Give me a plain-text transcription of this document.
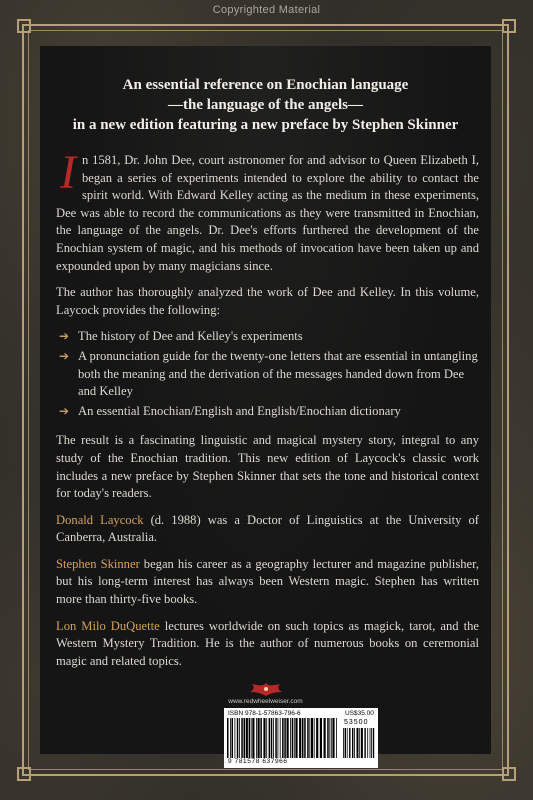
Copyrighted Material
An essential reference on Enochian language
—the language of the angels—
in a new edition featuring a new preface by Stephen Skinner

In 1581, Dr. John Dee, court astronomer for and advisor to Queen Elizabeth I, began a series of experiments intended to explore the ability to contact the spirit world. With Edward Kelley acting as the medium in these experiments, Dee was able to record the communications as they were transmitted in Enochian, the language of the angels. Dr. Dee's efforts furthered the development of the Enochian system of magic, and his methods of invocation have been taken up and expounded upon by many magicians since.

The author has thoroughly analyzed the work of Dee and Kelley. In this volume, Laycock provides the following:

➔ The history of Dee and Kelley's experiments
➔ A pronunciation guide for the twenty-one letters that are essential in untangling both the meaning and the derivation of the messages handed down from Dee and Kelley
➔ An essential Enochian/English and English/Enochian dictionary

The result is a fascinating linguistic and magical mystery story, integral to any study of the Enochian tradition. This new edition of Laycock's classic work includes a new preface by Stephen Skinner that sets the tone and historical context for today's readers.

Donald Laycock (d. 1988) was a Doctor of Linguistics at the University of Canberra, Australia.

Stephen Skinner began his career as a geography lecturer and magazine publisher, but his long-term interest has always been Western magic. Stephen has written more than thirty-five books.

Lon Milo DuQuette lectures worldwide on such topics as magick, tarot, and the Western Mystery Tradition. He is the author of numerous books on ceremonial magic and related topics.

www.redwheelweiser.com
ISBN 978-1-57863-796-6	US$35.00
53500
9 781578 637966
